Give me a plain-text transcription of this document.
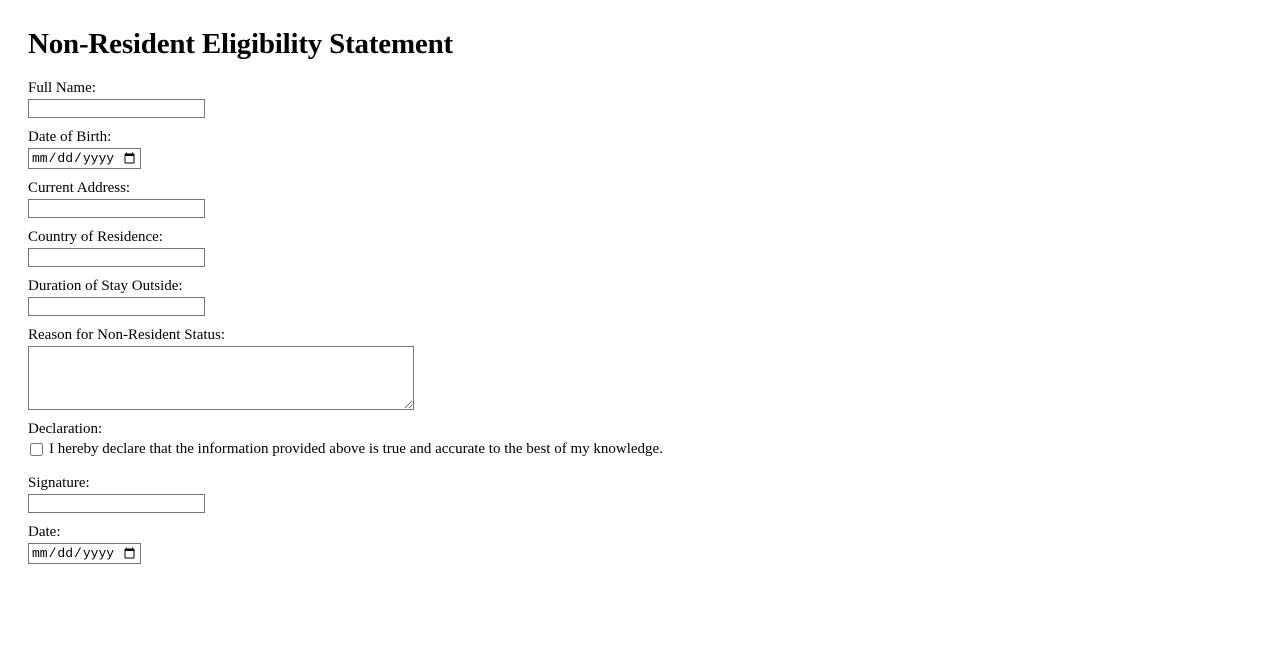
Non-Resident Eligibility Statement
Full Name:
Date of Birth:
Current Address:
Country of Residence:
Duration of Stay Outside:
Reason for Non-Resident Status:
Declaration:
I hereby declare that the information provided above is true and accurate to the best of my knowledge.
Signature:
Date:
